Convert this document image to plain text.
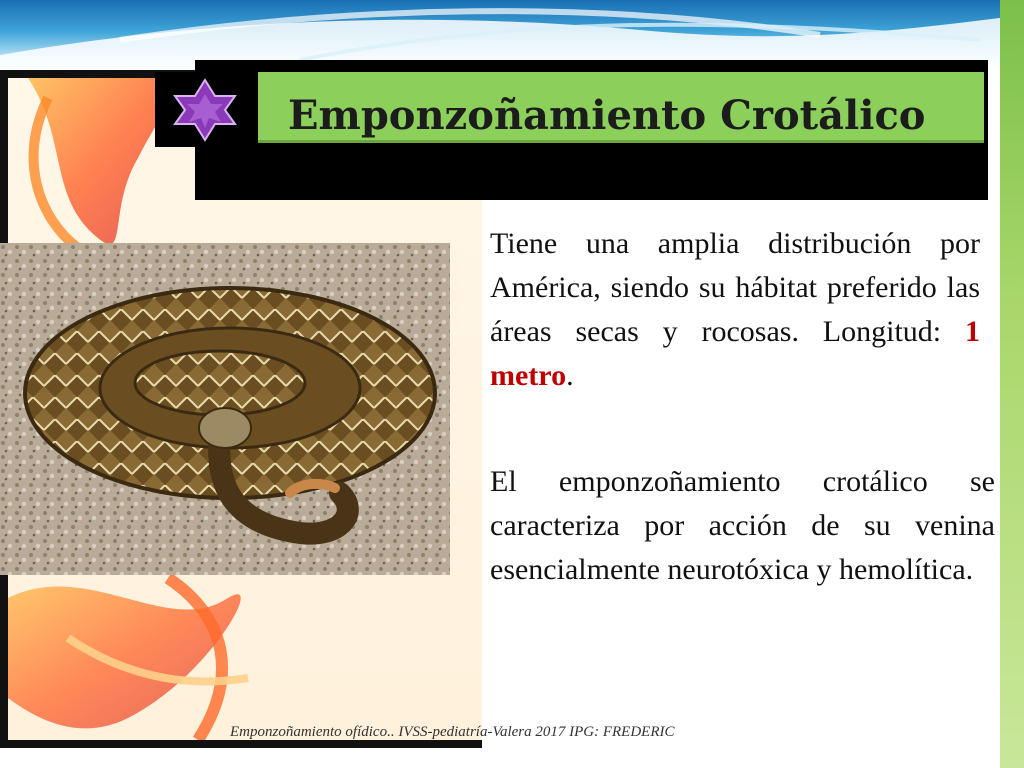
Emponzoñamiento Crotálico

Tiene una amplia distribución por América, siendo su hábitat preferido las áreas secas y rocosas. Longitud: 1 metro.

El emponzoñamiento crotálico se caracteriza por acción de su venina esencialmente neurotóxica y hemolítica.

Emponzoñamiento ofídico.. IVSS-pediatría-Valera 2017 IPG: FREDERIC
